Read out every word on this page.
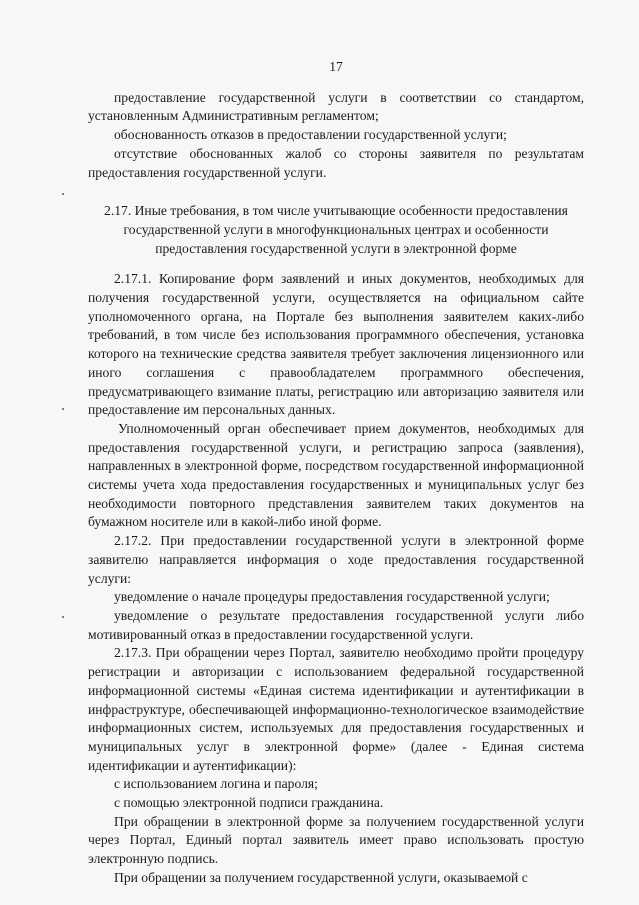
17

предоставление государственной услуги в соответствии со стандартом, установленным Административным регламентом;

обоснованность отказов в предоставлении государственной услуги;

отсутствие обоснованных жалоб со стороны заявителя по результатам предоставления государственной услуги.

2.17. Иные требования, в том числе учитывающие особенности предоставления государственной услуги в многофункциональных центрах и особенности предоставления государственной услуги в электронной форме

2.17.1. Копирование форм заявлений и иных документов, необходимых для получения государственной услуги, осуществляется на официальном сайте уполномоченного органа, на Портале без выполнения заявителем каких-либо требований, в том числе без использования программного обеспечения, установка которого на технические средства заявителя требует заключения лицензионного или иного соглашения с правообладателем программного обеспечения, предусматривающего взимание платы, регистрацию или авторизацию заявителя или предоставление им персональных данных.

Уполномоченный орган обеспечивает прием документов, необходимых для предоставления государственной услуги, и регистрацию запроса (заявления), направленных в электронной форме, посредством государственной информационной системы учета хода предоставления государственных и муниципальных услуг без необходимости повторного представления заявителем таких документов на бумажном носителе или в какой-либо иной форме.

2.17.2. При предоставлении государственной услуги в электронной форме заявителю направляется информация о ходе предоставления государственной услуги:

уведомление о начале процедуры предоставления государственной услуги;

уведомление о результате предоставления государственной услуги либо мотивированный отказ в предоставлении государственной услуги.

2.17.3. При обращении через Портал, заявителю необходимо пройти процедуру регистрации и авторизации с использованием федеральной государственной информационной системы «Единая система идентификации и аутентификации в инфраструктуре, обеспечивающей информационно-технологическое взаимодействие информационных систем, используемых для предоставления государственных и муниципальных услуг в электронной форме» (далее - Единая система идентификации и аутентификации):

с использованием логина и пароля;

с помощью электронной подписи гражданина.

При обращении в электронной форме за получением государственной услуги через Портал, Единый портал заявитель имеет право использовать простую электронную подпись.

При обращении за получением государственной услуги, оказываемой с
